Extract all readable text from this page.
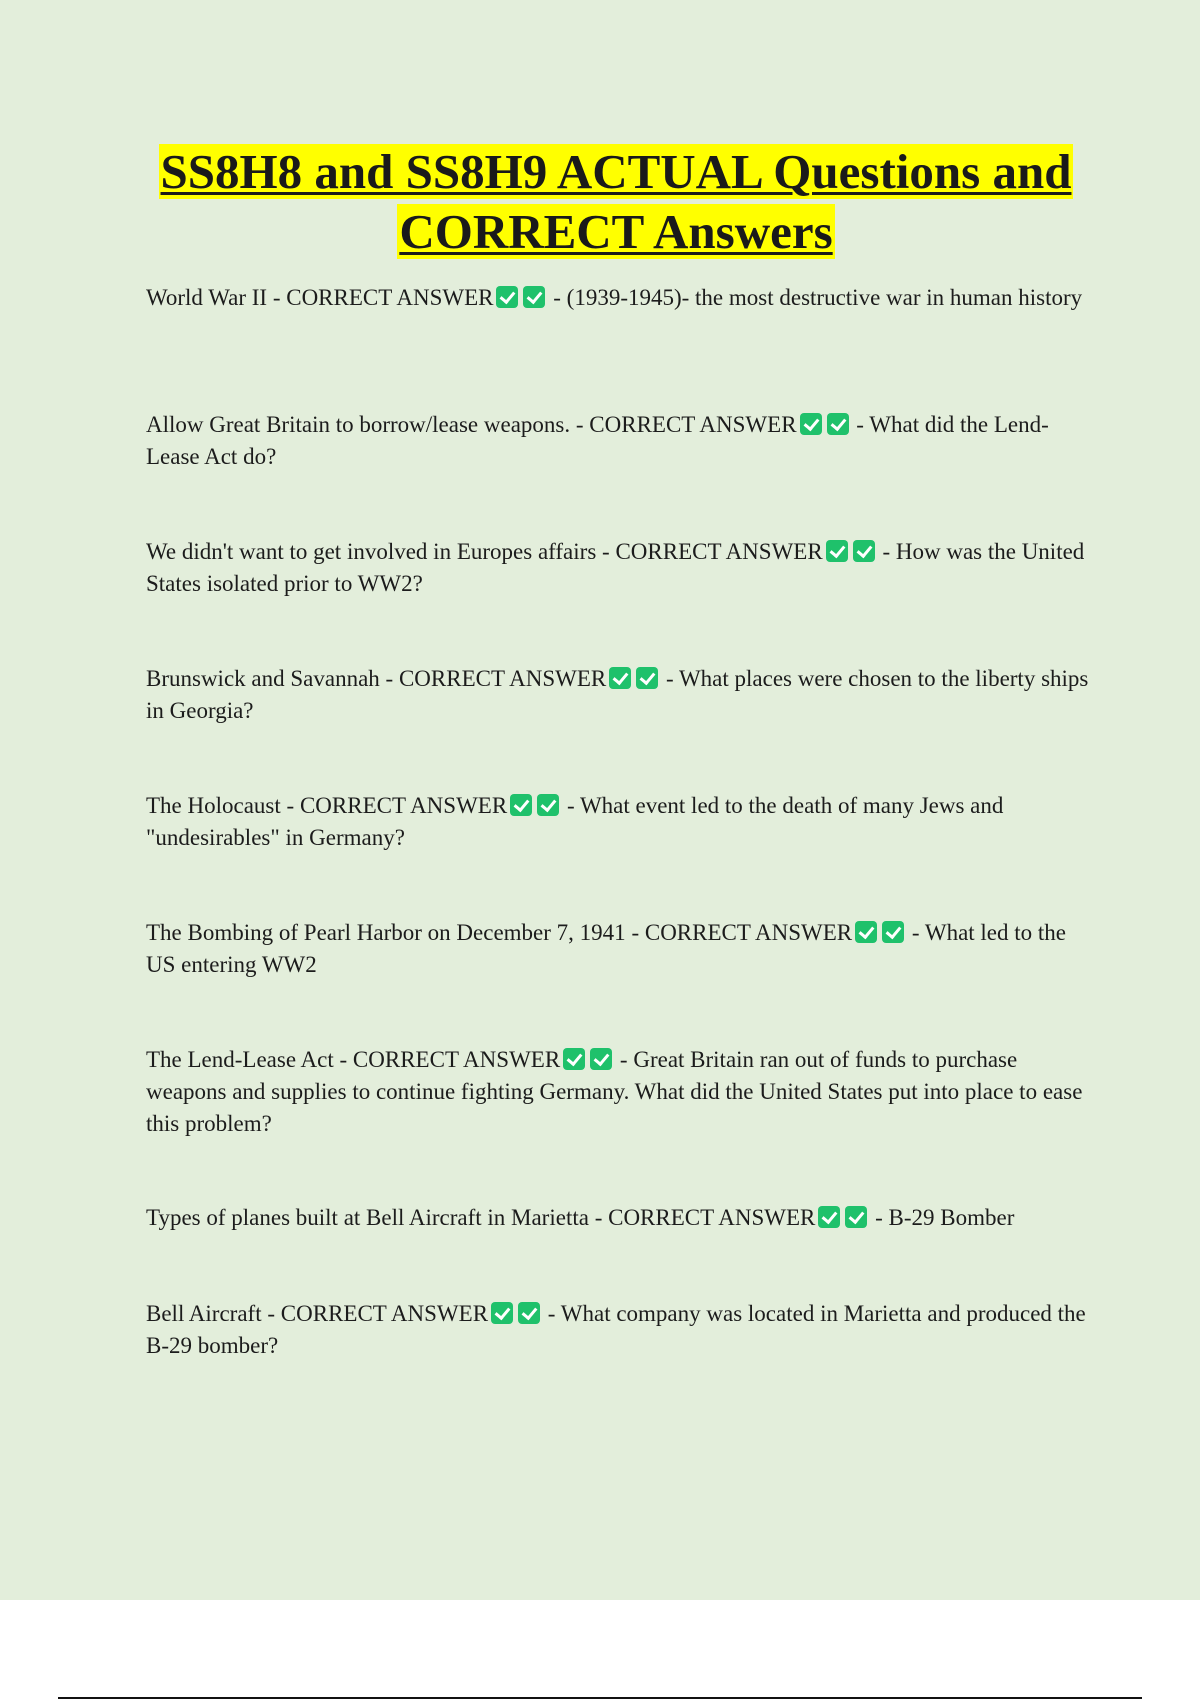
SS8H8 and SS8H9 ACTUAL Questions and CORRECT Answers

World War II - CORRECT ANSWER - (1939-1945)- the most destructive war in human history

Allow Great Britain to borrow/lease weapons. - CORRECT ANSWER - What did the Lend-Lease Act do?

We didn't want to get involved in Europes affairs - CORRECT ANSWER - How was the United States isolated prior to WW2?

Brunswick and Savannah - CORRECT ANSWER - What places were chosen to the liberty ships in Georgia?

The Holocaust - CORRECT ANSWER - What event led to the death of many Jews and "undesirables" in Germany?

The Bombing of Pearl Harbor on December 7, 1941 - CORRECT ANSWER - What led to the US entering WW2

The Lend-Lease Act - CORRECT ANSWER - Great Britain ran out of funds to purchase weapons and supplies to continue fighting Germany. What did the United States put into place to ease this problem?

Types of planes built at Bell Aircraft in Marietta - CORRECT ANSWER - B-29 Bomber

Bell Aircraft - CORRECT ANSWER - What company was located in Marietta and produced the B-29 bomber?
